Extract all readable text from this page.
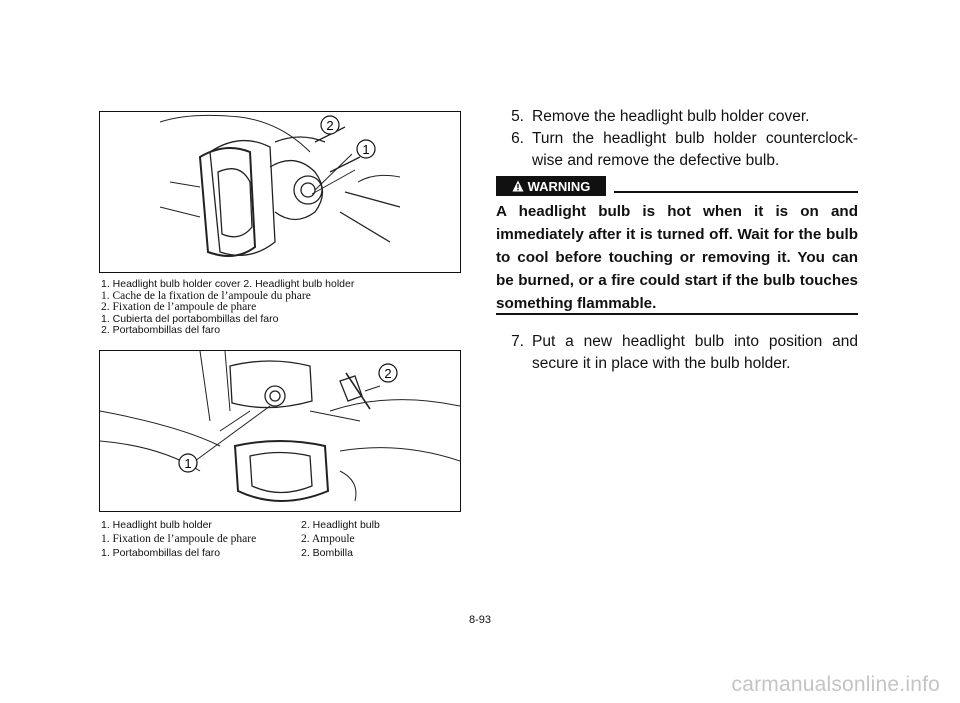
2
1
1. Headlight bulb holder cover 2. Headlight bulb holder
1. Cache de la fixation de l’ampoule du phare
2. Fixation de l’ampoule de phare
1. Cubierta del portabombillas del faro
2. Portabombillas del faro
2
1
1. Headlight bulb holder	2. Headlight bulb
1. Fixation de l’ampoule de phare	2. Ampoule
1. Portabombillas del faro	2. Bombilla
5. Remove the headlight bulb holder cover.
6. Turn the headlight bulb holder counterclock-wise and remove the defective bulb.
WARNING
A headlight bulb is hot when it is on and immediately after it is turned off. Wait for the bulb to cool before touching or removing it. You can be burned, or a fire could start if the bulb touches something flammable.
7. Put a new headlight bulb into position and secure it in place with the bulb holder.
8-93
carmanualsonline.info
